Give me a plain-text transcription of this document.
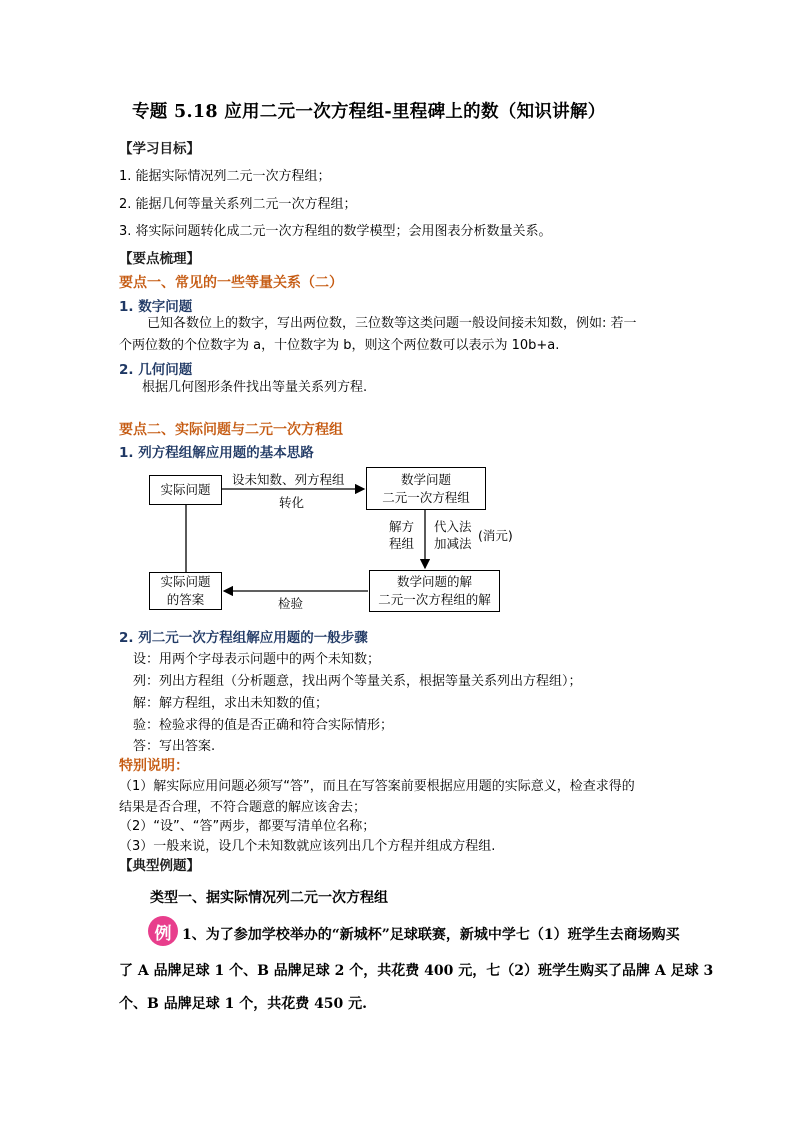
专题 5.18 应用二元一次方程组-里程碑上的数（知识讲解）
【学习目标】
1. 能据实际情况列二元一次方程组；
2. 能据几何等量关系列二元一次方程组；
3. 将实际问题转化成二元一次方程组的数学模型；会用图表分析数量关系。
【要点梳理】
要点一、常见的一些等量关系（二）
1. 数字问题
已知各数位上的数字，写出两位数，三位数等这类问题一般设间接未知数，例如: 若一
个两位数的个位数字为 a，十位数字为 b，则这个两位数可以表示为 10b+a.
2. 几何问题
根据几何图形条件找出等量关系列方程.
要点二、实际问题与二元一次方程组
1. 列方程组解应用题的基本思路
实际问题
数学问题
二元一次方程组
实际问题
的答案
数学问题的解
二元一次方程组的解
设未知数、列方程组
转化
解方
程组
代入法
加减法
(消元)
检验
2. 列二元一次方程组解应用题的一般步骤
设：用两个字母表示问题中的两个未知数；
列：列出方程组（分析题意，找出两个等量关系，根据等量关系列出方程组）；
解：解方程组，求出未知数的值；
验：检验求得的值是否正确和符合实际情形；
答：写出答案.
特别说明：
（1）解实际应用问题必须写“答”，而且在写答案前要根据应用题的实际意义，检查求得的
结果是否合理，不符合题意的解应该舍去；
（2）“设”、“答”两步，都要写清单位名称；
（3）一般来说，设几个未知数就应该列出几个方程并组成方程组.
【典型例题】
类型一、据实际情况列二元一次方程组
例 1、为了参加学校举办的“新城杯”足球联赛，新城中学七（1）班学生去商场购买
了 A 品牌足球 1 个、B 品牌足球 2 个，共花费 400 元，七（2）班学生购买了品牌 A 足球 3
个、B 品牌足球 1 个，共花费 450 元.
